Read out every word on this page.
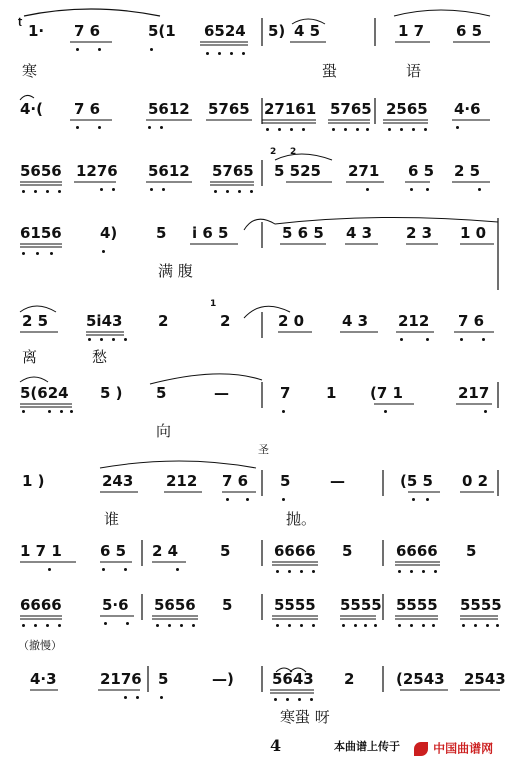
ʈ 1· 7 6	5(1 6524 5) 4 5	1 7 6 5
寒	蛩	语
4·( 7 6	5612 5765 27161 5765 2565 4·6
2 2
5656 1276 5612 5765 5 525 271 6 5 2 5
6156	4)	5 i 6 5	5 6 5 4 3 2 3 1 0
满 腹
1
2 5	5i43 2	2	2 0	4 3 212 7 6
离	愁
5(624 5 ) 5	—	7 1 (7 1	217
向
圣
1 )	243 212 7 6 5	—	(5 5 0 2
谁	抛。
1 7 1	6 5 2 4	5	6666 5	6666 5
6666	5·6 5656 5	5555 5555 5555 5555
（撤慢）
4·3	2176 5	—)	5643 2	(2543 2543
寒蛩 呀
4	本曲谱上传于	中国曲谱网
